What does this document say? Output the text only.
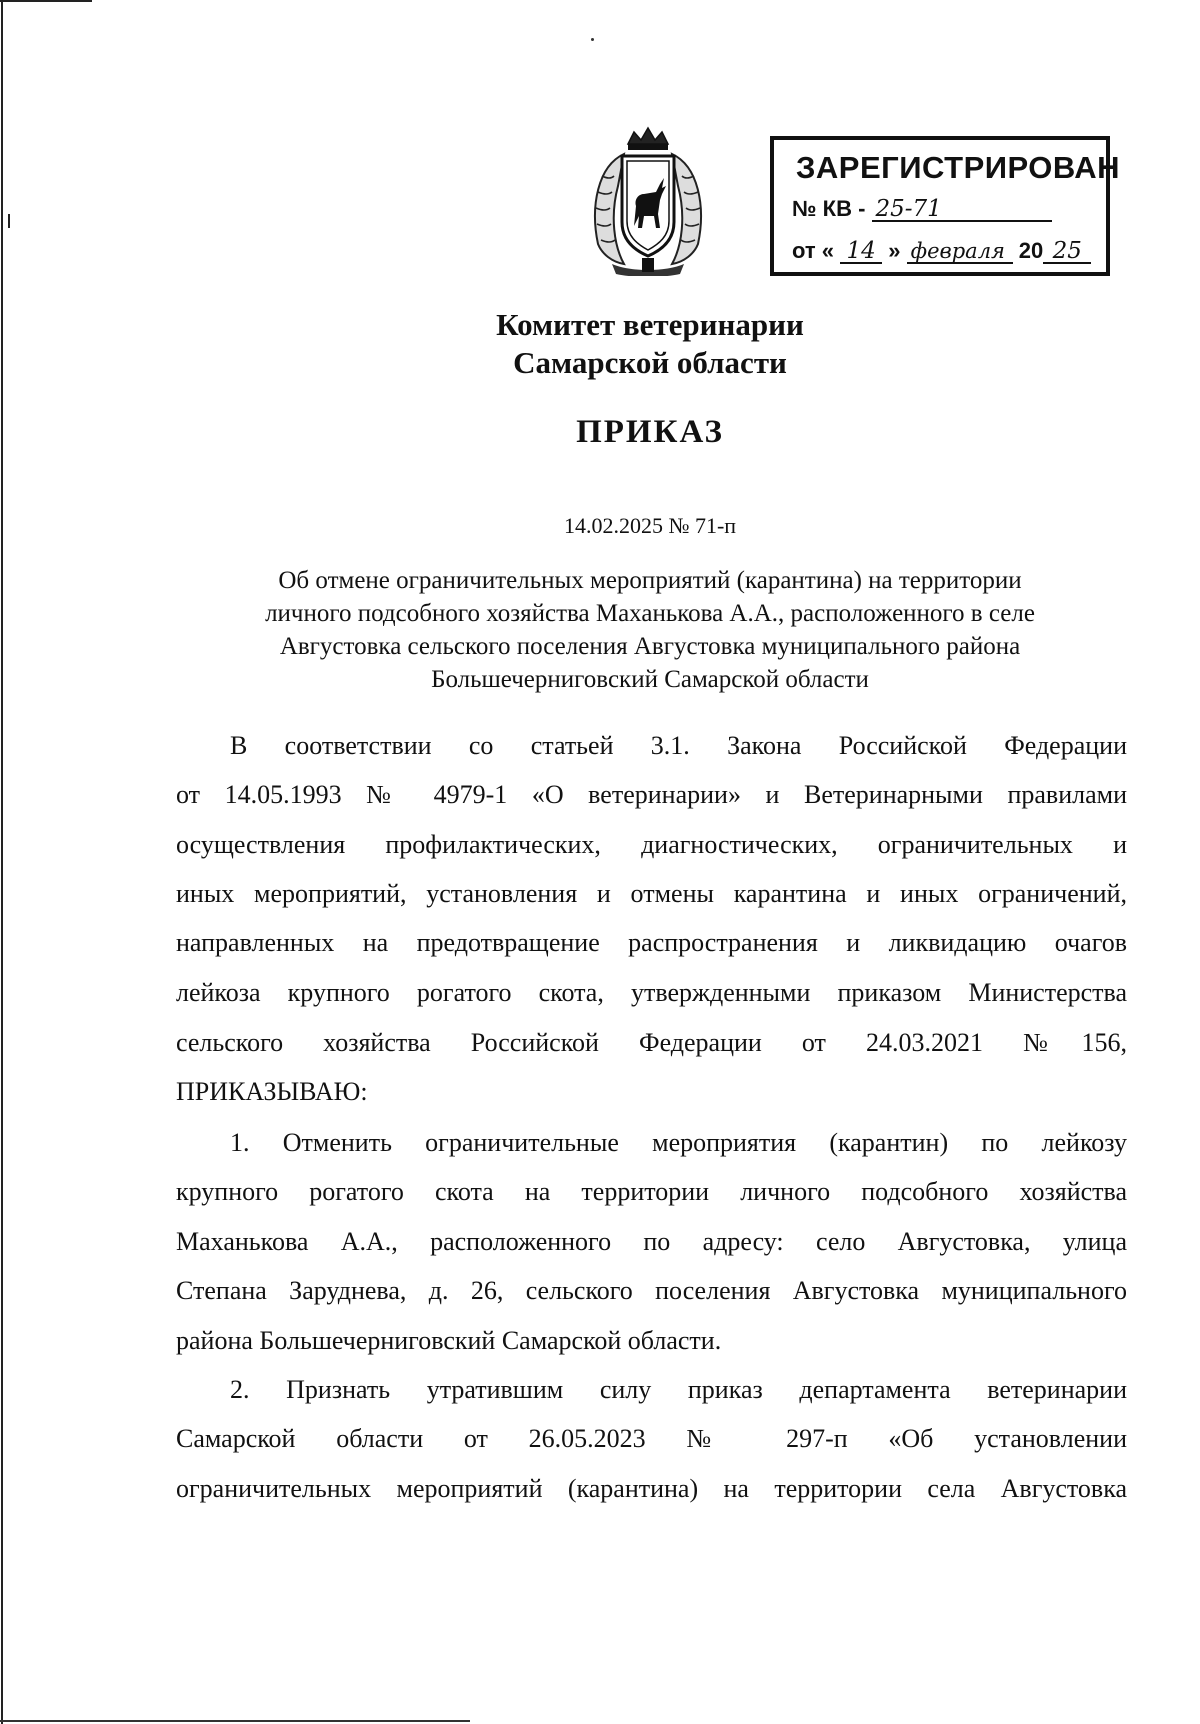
ЗАРЕГИСТРИРОВАН
№ КВ - 25-71
от « 14 » февраля 20 25
Комитет ветеринарии
Самарской области
ПРИКАЗ
14.02.2025 № 71-п
Об отмене ограничительных мероприятий (карантина) на территории
личного подсобного хозяйства Маханькова А.А., расположенного в селе
Августовка сельского поселения Августовка муниципального района
Большечерниговский Самарской области
В соответствии со статьей 3.1. Закона Российской Федерации
от 14.05.1993 № 4979-1 «О ветеринарии» и Ветеринарными правилами
осуществления профилактических, диагностических, ограничительных и
иных мероприятий, установления и отмены карантина и иных ограничений,
направленных на предотвращение распространения и ликвидацию очагов
лейкоза крупного рогатого скота, утвержденными приказом Министерства
сельского хозяйства Российской Федерации от 24.03.2021 №156,
ПРИКАЗЫВАЮ:
1. Отменить ограничительные мероприятия (карантин) по лейкозу
крупного рогатого скота на территории личного подсобного хозяйства
Маханькова А.А., расположенного по адресу: село Августовка, улица
Степана Заруднева, д. 26, сельского поселения Августовка муниципального
района Большечерниговский Самарской области.
2. Признать утратившим силу приказ департамента ветеринарии
Самарской области от 26.05.2023 № 297-п «Об установлении
ограничительных мероприятий (карантина) на территории села Августовка
